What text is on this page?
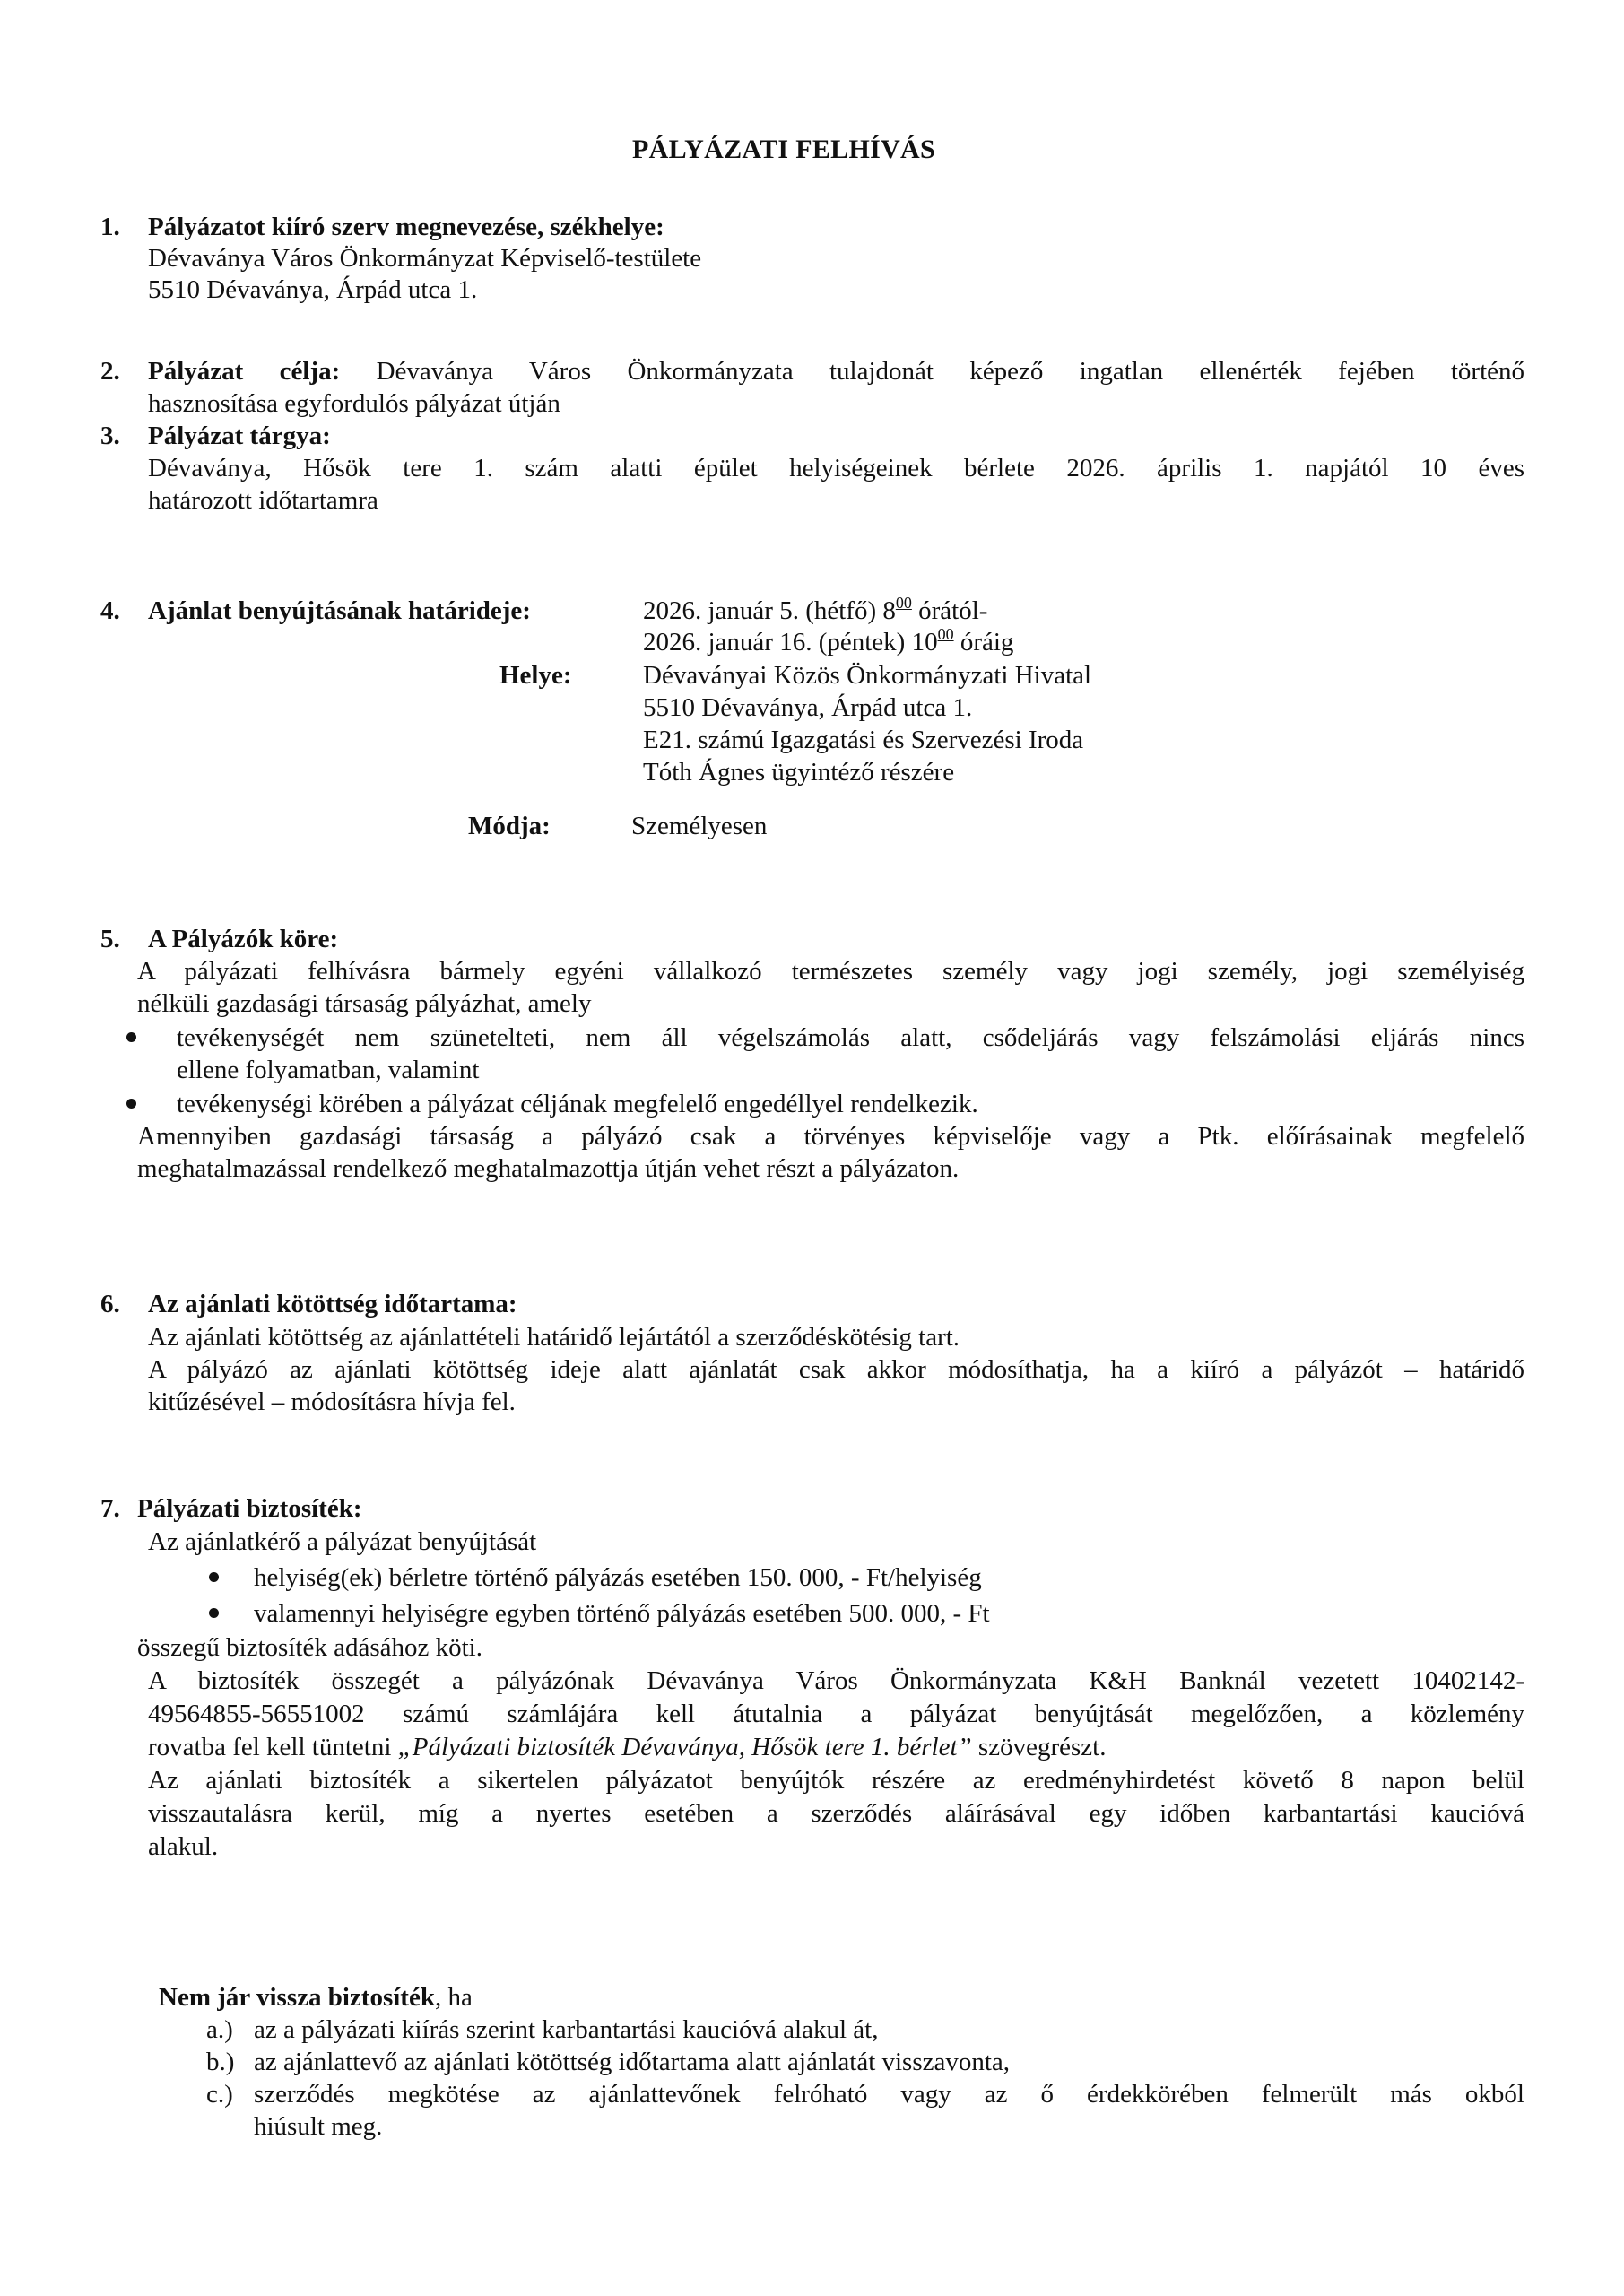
PÁLYÁZATI FELHÍVÁS
1. Pályázatot kiíró szerv megnevezése, székhelye:
Dévaványa Város Önkormányzat Képviselő-testülete
5510 Dévaványa, Árpád utca 1.
2. Pályázat célja: Dévaványa Város Önkormányzata tulajdonát képező ingatlan ellenérték fejében történő
hasznosítása egyfordulós pályázat útján
3. Pályázat tárgya:
Dévaványa, Hősök tere 1. szám alatti épület helyiségeinek bérlete 2026. április 1. napjától 10 éves
határozott időtartamra
4. Ajánlat benyújtásának határideje:	2026. január 5. (hétfő) $8^{00}$ órától-
2026. január 16. (péntek) $10^{00}$ óráig
Helye:	Dévaványai Közös Önkormányzati Hivatal
5510 Dévaványa, Árpád utca 1.
E21. számú Igazgatási és Szervezési Iroda
Tóth Ágnes ügyintéző részére
Módja:	Személyesen
5. A Pályázók köre:
A pályázati felhívásra bármely egyéni vállalkozó természetes személy vagy jogi személy, jogi személyiség
nélküli gazdasági társaság pályázhat, amely
tevékenységét nem szünetelteti, nem áll végelszámolás alatt, csődeljárás vagy felszámolási eljárás nincs
ellene folyamatban, valamint
tevékenységi körében a pályázat céljának megfelelő engedéllyel rendelkezik.
Amennyiben gazdasági társaság a pályázó csak a törvényes képviselője vagy a Ptk. előírásainak megfelelő
meghatalmazással rendelkező meghatalmazottja útján vehet részt a pályázaton.
6. Az ajánlati kötöttség időtartama:
Az ajánlati kötöttség az ajánlattételi határidő lejártától a szerződéskötésig tart.
A pályázó az ajánlati kötöttség ideje alatt ajánlatát csak akkor módosíthatja, ha a kiíró a pályázót – határidő
kitűzésével – módosításra hívja fel.
7. Pályázati biztosíték:
Az ajánlatkérő a pályázat benyújtását
helyiség(ek) bérletre történő pályázás esetében 150. 000, - Ft/helyiség
valamennyi helyiségre egyben történő pályázás esetében 500. 000, - Ft
összegű biztosíték adásához köti.
A biztosíték összegét a pályázónak Dévaványa Város Önkormányzata K&H Banknál vezetett 10402142-
49564855-56551002 számú számlájára kell átutalnia a pályázat benyújtását megelőzően, a közlemény
rovatba fel kell tüntetni „Pályázati biztosíték Dévaványa, Hősök tere 1. bérlet” szövegrészt.
Az ajánlati biztosíték a sikertelen pályázatot benyújtók részére az eredményhirdetést követő 8 napon belül
visszautalásra kerül, míg a nyertes esetében a szerződés aláírásával egy időben karbantartási kaucióvá
alakul.
Nem jár vissza biztosíték, ha
a.) az a pályázati kiírás szerint karbantartási kaucióvá alakul át,
b.) az ajánlattevő az ajánlati kötöttség időtartama alatt ajánlatát visszavonta,
c.) szerződés megkötése az ajánlattevőnek felróható vagy az ő érdekkörében felmerült más okból
hiúsult meg.
